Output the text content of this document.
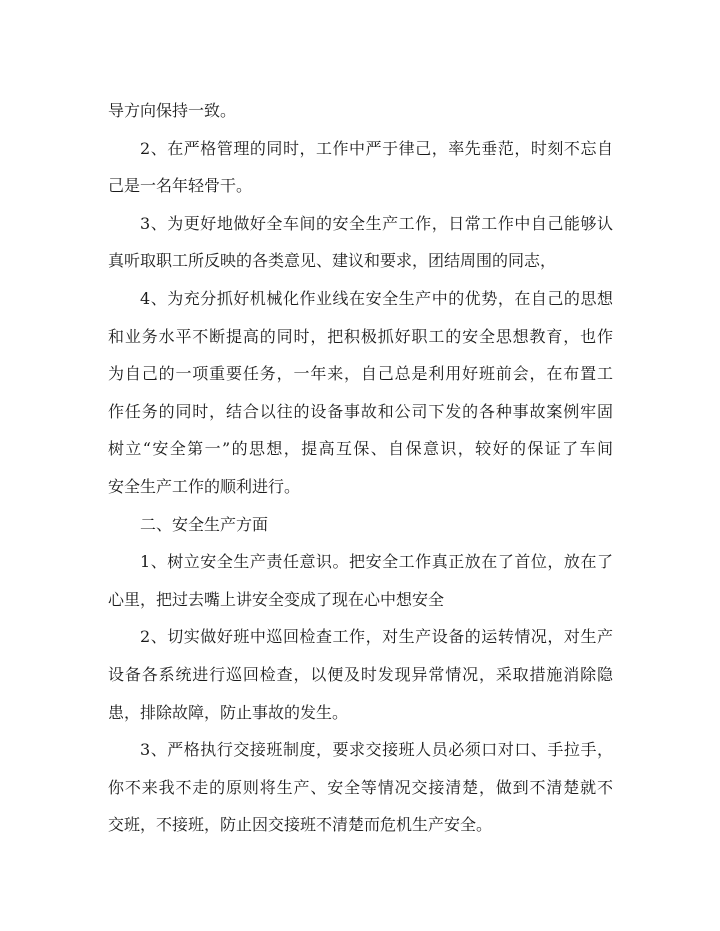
导方向保持一致。
2、在严格管理的同时，工作中严于律己，率先垂范，时刻不忘自
己是一名年轻骨干。
3、为更好地做好全车间的安全生产工作，日常工作中自己能够认
真听取职工所反映的各类意见、建议和要求，团结周围的同志，
4、为充分抓好机械化作业线在安全生产中的优势，在自己的思想
和业务水平不断提高的同时，把积极抓好职工的安全思想教育，也作
为自己的一项重要任务，一年来，自己总是利用好班前会，在布置工
作任务的同时，结合以往的设备事故和公司下发的各种事故案例牢固
树立“安全第一”的思想，提高互保、自保意识，较好的保证了车间
安全生产工作的顺利进行。
二、安全生产方面
1、树立安全生产责任意识。把安全工作真正放在了首位，放在了
心里，把过去嘴上讲安全变成了现在心中想安全
2、切实做好班中巡回检查工作，对生产设备的运转情况，对生产
设备各系统进行巡回检查，以便及时发现异常情况，采取措施消除隐
患，排除故障，防止事故的发生。
3、严格执行交接班制度，要求交接班人员必须口对口、手拉手，
你不来我不走的原则将生产、安全等情况交接清楚，做到不清楚就不
交班，不接班，防止因交接班不清楚而危机生产安全。
